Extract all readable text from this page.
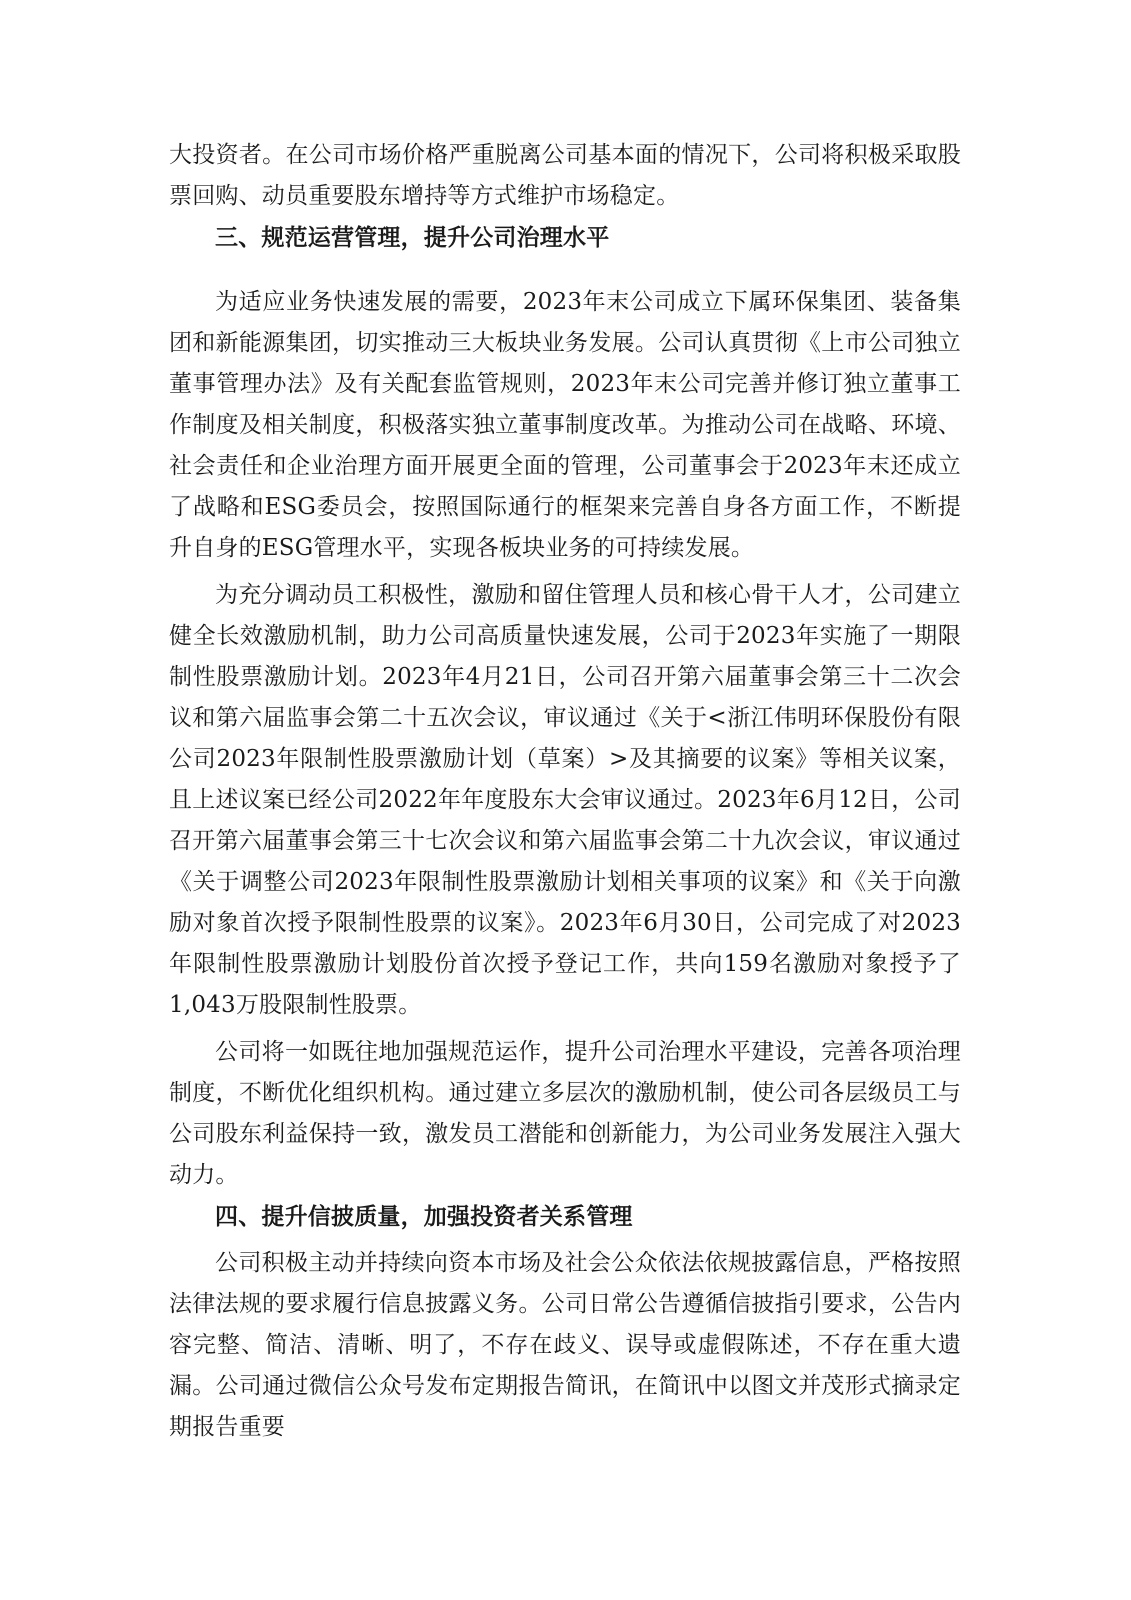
大投资者。在公司市场价格严重脱离公司基本面的情况下，公司将积极采取股票回购、动员重要股东增持等方式维护市场稳定。

三、规范运营管理，提升公司治理水平

为适应业务快速发展的需要，2023年末公司成立下属环保集团、装备集团和新能源集团，切实推动三大板块业务发展。公司认真贯彻《上市公司独立董事管理办法》及有关配套监管规则，2023年末公司完善并修订独立董事工作制度及相关制度，积极落实独立董事制度改革。为推动公司在战略、环境、社会责任和企业治理方面开展更全面的管理，公司董事会于2023年末还成立了战略和ESG委员会，按照国际通行的框架来完善自身各方面工作，不断提升自身的ESG管理水平，实现各板块业务的可持续发展。

为充分调动员工积极性，激励和留住管理人员和核心骨干人才，公司建立健全长效激励机制，助力公司高质量快速发展，公司于2023年实施了一期限制性股票激励计划。2023年4月21日，公司召开第六届董事会第三十二次会议和第六届监事会第二十五次会议，审议通过《关于<浙江伟明环保股份有限公司2023年限制性股票激励计划（草案）>及其摘要的议案》等相关议案，且上述议案已经公司2022年年度股东大会审议通过。2023年6月12日，公司召开第六届董事会第三十七次会议和第六届监事会第二十九次会议，审议通过《关于调整公司2023年限制性股票激励计划相关事项的议案》和《关于向激励对象首次授予限制性股票的议案》。2023年6月30日，公司完成了对2023年限制性股票激励计划股份首次授予登记工作，共向159名激励对象授予了1,043万股限制性股票。

公司将一如既往地加强规范运作，提升公司治理水平建设，完善各项治理制度，不断优化组织机构。通过建立多层次的激励机制，使公司各层级员工与公司股东利益保持一致，激发员工潜能和创新能力，为公司业务发展注入强大动力。

四、提升信披质量，加强投资者关系管理

公司积极主动并持续向资本市场及社会公众依法依规披露信息，严格按照法律法规的要求履行信息披露义务。公司日常公告遵循信披指引要求，公告内容完整、简洁、清晰、明了，不存在歧义、误导或虚假陈述，不存在重大遗漏。公司通过微信公众号发布定期报告简讯，在简讯中以图文并茂形式摘录定期报告重要
